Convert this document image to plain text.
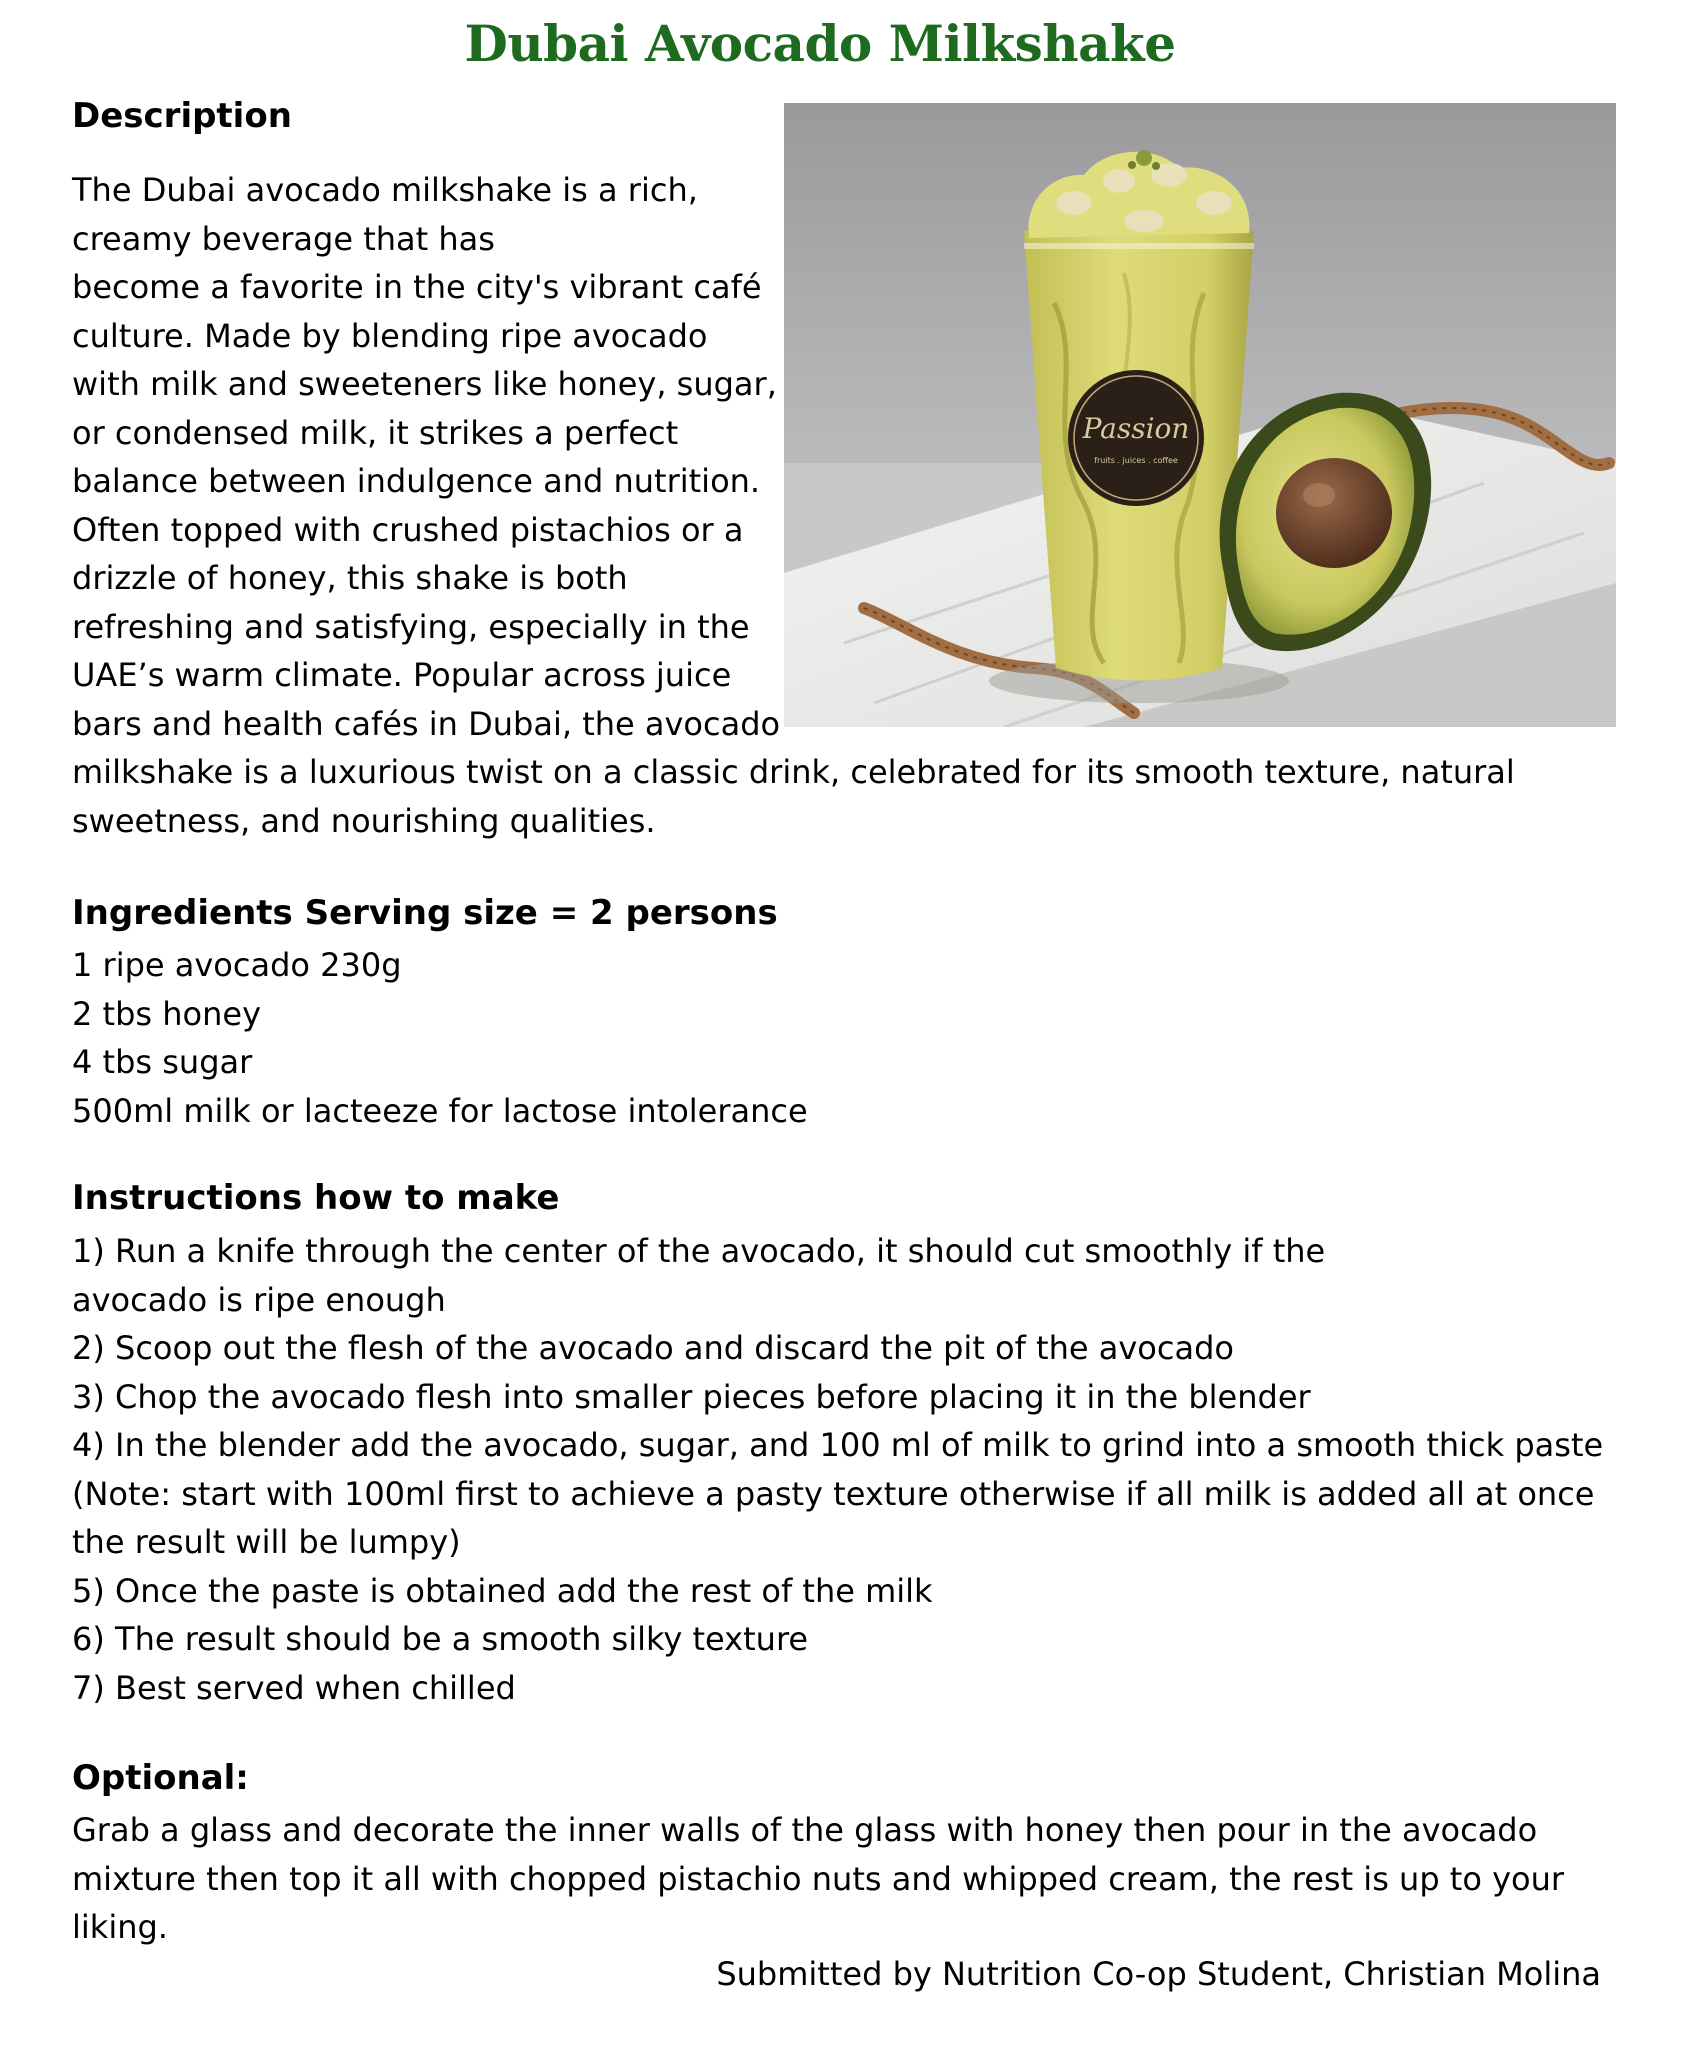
Dubai Avocado Milkshake
Description
The Dubai avocado milkshake is a rich,
creamy beverage that has
become a favorite in the city's vibrant café
culture. Made by blending ripe avocado
with milk and sweeteners like honey, sugar,
or condensed milk, it strikes a perfect
balance between indulgence and nutrition.
Often topped with crushed pistachios or a
drizzle of honey, this shake is both
refreshing and satisfying, especially in the
UAE’s warm climate. Popular across juice
bars and health cafés in Dubai, the avocado
milkshake is a luxurious twist on a classic drink, celebrated for its smooth texture, natural
sweetness, and nourishing qualities.
Passion
fruits . juices . coffee
Ingredients Serving size = 2 persons
1 ripe avocado 230g
2 tbs honey
4 tbs sugar
500ml milk or lacteeze for lactose intolerance
Instructions how to make
1) Run a knife through the center of the avocado, it should cut smoothly if the
avocado is ripe enough
2) Scoop out the flesh of the avocado and discard the pit of the avocado
3) Chop the avocado flesh into smaller pieces before placing it in the blender
4) In the blender add the avocado, sugar, and 100 ml of milk to grind into a smooth thick paste
(Note: start with 100ml first to achieve a pasty texture otherwise if all milk is added all at once
the result will be lumpy)
5) Once the paste is obtained add the rest of the milk
6) The result should be a smooth silky texture
7) Best served when chilled
Optional:
Grab a glass and decorate the inner walls of the glass with honey then pour in the avocado
mixture then top it all with chopped pistachio nuts and whipped cream, the rest is up to your
liking.
Submitted by Nutrition Co-op Student, Christian Molina
